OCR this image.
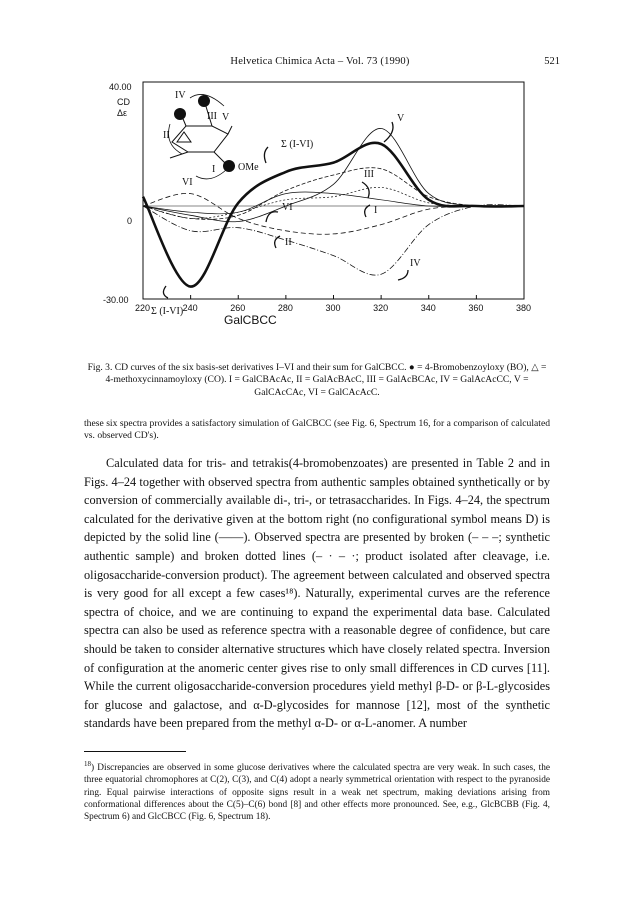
Helvetica Chimica Acta – Vol. 73 (1990)	521
40.00
0
-30.00
CD
Δε
220	240	260	280	300	320	340	360	380
Σ (I-VI)
V
III
VI	I
II
IV
Σ (I-VI)
GalCBCC
IV
III V
II
I
VI
OMe
Fig. 3. CD curves of the six basis-set derivatives I–VI and their sum for GalCBCC. ● = 4-Bromobenzoyloxy (BO), △ = 4-methoxycinnamoyloxy (CO). I = GalCBAcAc, II = GalAcBAcC, III = GalAcBCAc, IV = GalAcAcCC, V = GalCAcCAc, VI = GalCAcAcC.
these six spectra provides a satisfactory simulation of GalCBCC (see Fig. 6, Spectrum 16, for a comparison of calculated vs. observed CD's).
Calculated data for tris- and tetrakis(4-bromobenzoates) are presented in Table 2 and in Figs. 4–24 together with observed spectra from authentic samples obtained synthetically or by conversion of commercially available di-, tri-, or tetrasaccharides. In Figs. 4–24, the spectrum calculated for the derivative given at the bottom right (no configurational symbol means D) is depicted by the solid line (——). Observed spectra are presented by broken (– – –; synthetic authentic sample) and broken dotted lines (– · – ·; product isolated after cleavage, i.e. oligosaccharide-conversion product). The agreement between calculated and observed spectra is very good for all except a few cases¹⁸). Naturally, experimental curves are the reference spectra of choice, and we are continuing to expand the experimental data base. Calculated spectra can also be used as reference spectra with a reasonable degree of confidence, but care should be taken to consider alternative structures which have closely related spectra. Inversion of configuration at the anomeric center gives rise to only small differences in CD curves [11]. While the current oligosaccharide-conversion procedures yield methyl β-D- or β-L-glycosides for glucose and galactose, and α-D-glycosides for mannose [12], most of the synthetic standards have been prepared from the methyl α-D- or α-L-anomer. A number
$^{18}$) Discrepancies are observed in some glucose derivatives where the calculated spectra are very weak. In such cases, the three equatorial chromophores at C(2), C(3), and C(4) adopt a nearly symmetrical orientation with respect to the pyranoside ring. Equal pairwise interactions of opposite signs result in a weak net spectrum, making deviations arising from conformational differences about the C(5)–C(6) bond [8] and other effects more pronounced. See, e.g., GlcBCBB (Fig. 4, Spectrum 6) and GlcCBCC (Fig. 6, Spectrum 18).
